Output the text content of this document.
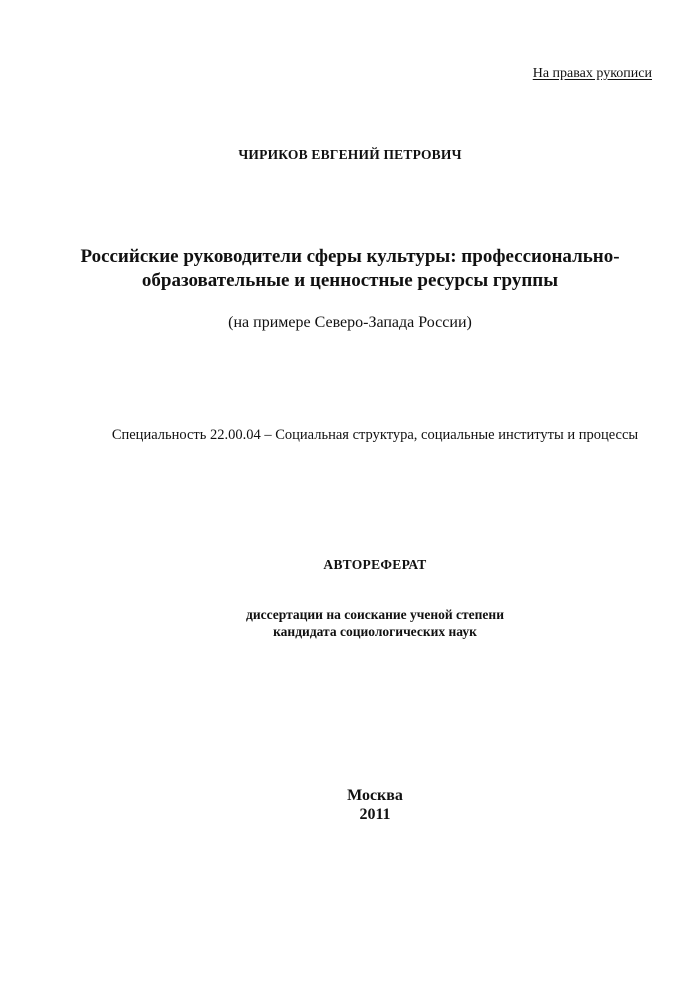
На правах рукописи
ЧИРИКОВ ЕВГЕНИЙ ПЕТРОВИЧ
Российские руководители сферы культуры: профессионально-
образовательные и ценностные ресурсы группы
(на примере Северо-Запада России)
Специальность 22.00.04 – Социальная структура, социальные институты и процессы
АВТОРЕФЕРАТ
диссертации на соискание ученой степени
кандидата социологических наук
Москва
2011
